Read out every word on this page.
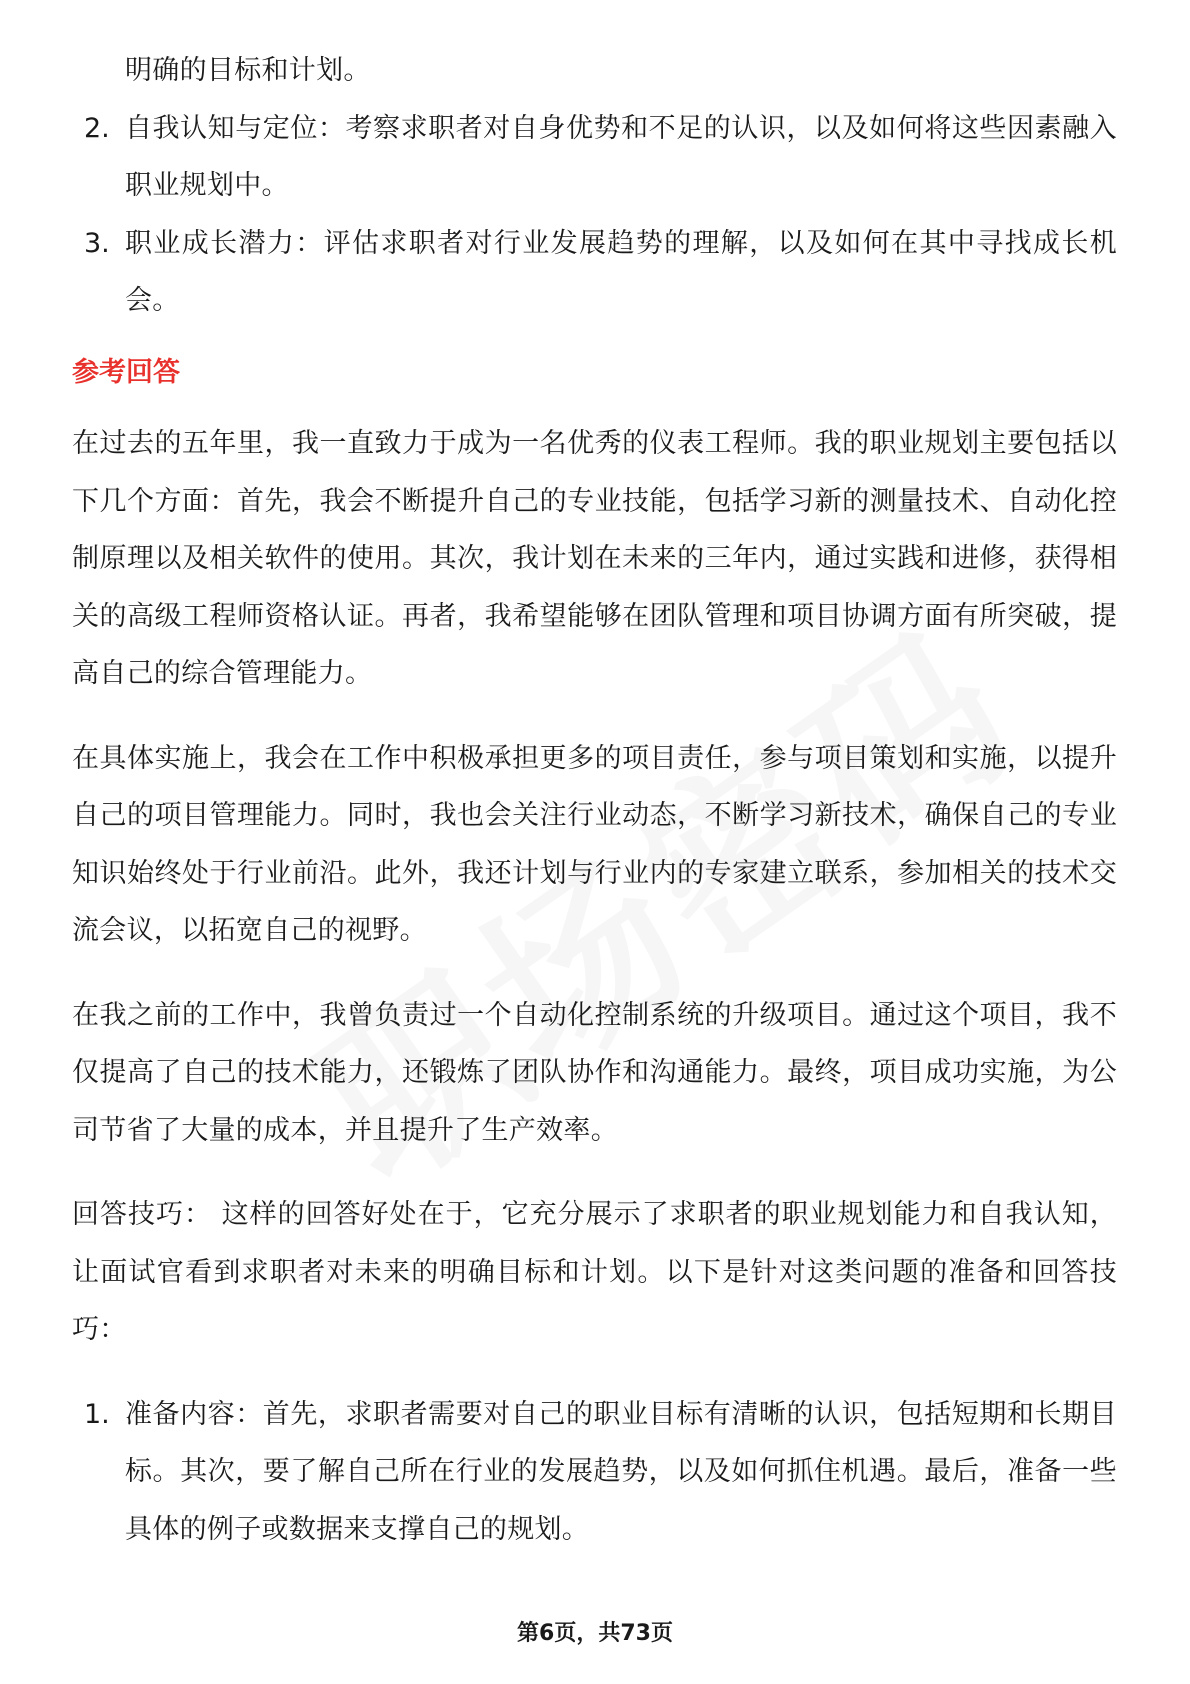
明确的目标和计划。

2. 自我认知与定位：考察求职者对自身优势和不足的认识，以及如何将这些因素融入职业规划中。

3. 职业成长潜力：评估求职者对行业发展趋势的理解，以及如何在其中寻找成长机会。

参考回答

在过去的五年里，我一直致力于成为一名优秀的仪表工程师。我的职业规划主要包括以下几个方面：首先，我会不断提升自己的专业技能，包括学习新的测量技术、自动化控制原理以及相关软件的使用。其次，我计划在未来的三年内，通过实践和进修，获得相关的高级工程师资格认证。再者，我希望能够在团队管理和项目协调方面有所突破，提高自己的综合管理能力。

在具体实施上，我会在工作中积极承担更多的项目责任，参与项目策划和实施，以提升自己的项目管理能力。同时，我也会关注行业动态，不断学习新技术，确保自己的专业知识始终处于行业前沿。此外，我还计划与行业内的专家建立联系，参加相关的技术交流会议，以拓宽自己的视野。

在我之前的工作中，我曾负责过一个自动化控制系统的升级项目。通过这个项目，我不仅提高了自己的技术能力，还锻炼了团队协作和沟通能力。最终，项目成功实施，为公司节省了大量的成本，并且提升了生产效率。

回答技巧： 这样的回答好处在于，它充分展示了求职者的职业规划能力和自我认知，让面试官看到求职者对未来的明确目标和计划。以下是针对这类问题的准备和回答技巧：

1. 准备内容：首先，求职者需要对自己的职业目标有清晰的认识，包括短期和长期目标。其次，要了解自己所在行业的发展趋势，以及如何抓住机遇。最后，准备一些具体的例子或数据来支撑自己的规划。

第6页，共73页
